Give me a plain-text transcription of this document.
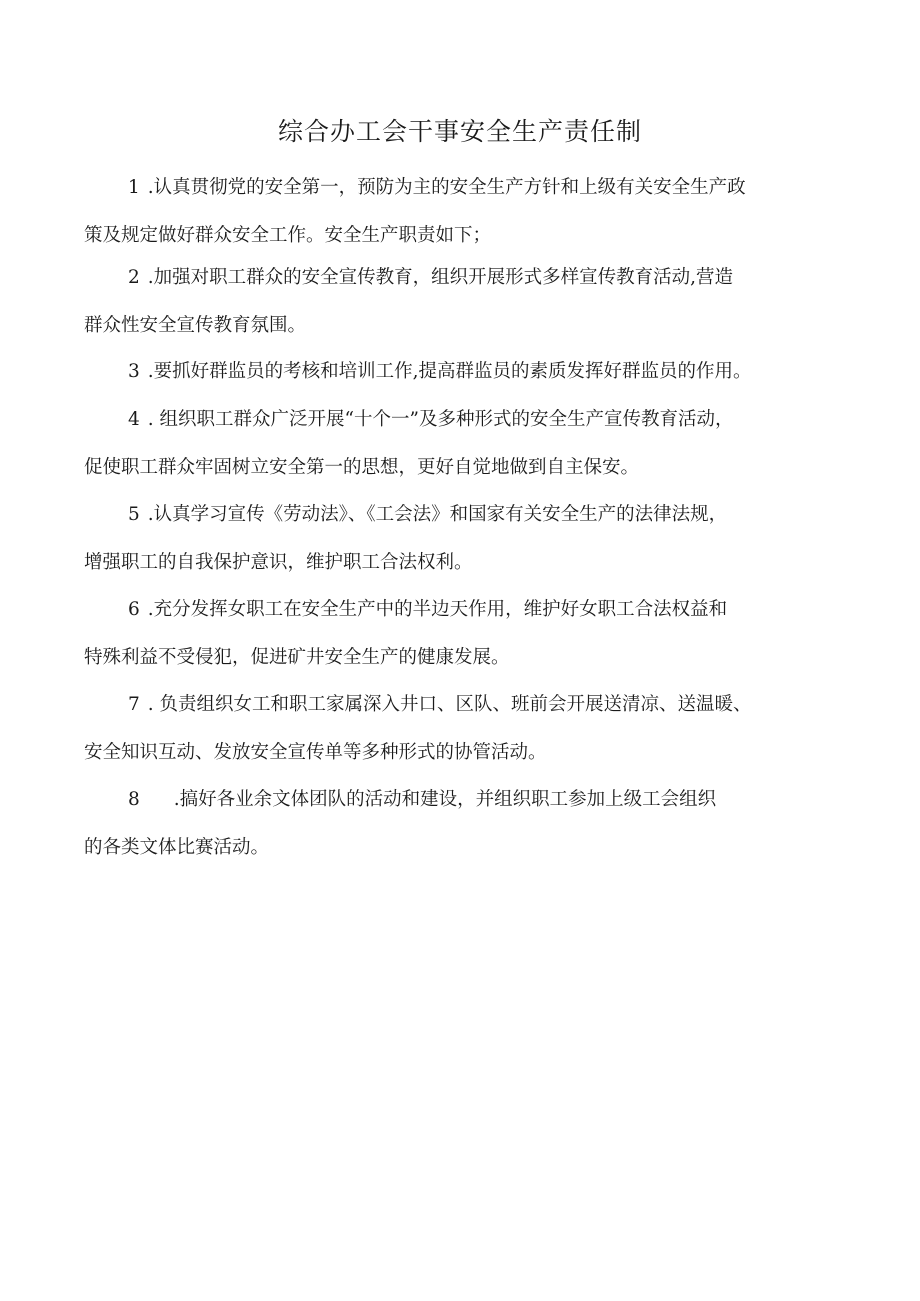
综合办工会干事安全生产责任制
1 .认真贯彻党的安全第一，预防为主的安全生产方针和上级有关安全生产政
策及规定做好群众安全工作。安全生产职责如下；
2 .加强对职工群众的安全宣传教育，组织开展形式多样宣传教育活动,营造
群众性安全宣传教育氛围。
3 .要抓好群监员的考核和培训工作,提高群监员的素质发挥好群监员的作用。
4 . 组织职工群众广泛开展“十个一”及多种形式的安全生产宣传教育活动，
促使职工群众牢固树立安全第一的思想，更好自觉地做到自主保安。
5 .认真学习宣传《劳动法》、《工会法》和国家有关安全生产的法律法规，
增强职工的自我保护意识，维护职工合法权利。
6 .充分发挥女职工在安全生产中的半边天作用，维护好女职工合法权益和
特殊利益不受侵犯，促进矿井安全生产的健康发展。
7 . 负责组织女工和职工家属深入井口、区队、班前会开展送清凉、送温暖、
安全知识互动、发放安全宣传单等多种形式的协管活动。
8 .搞好各业余文体团队的活动和建设，并组织职工参加上级工会组织
的各类文体比赛活动。
